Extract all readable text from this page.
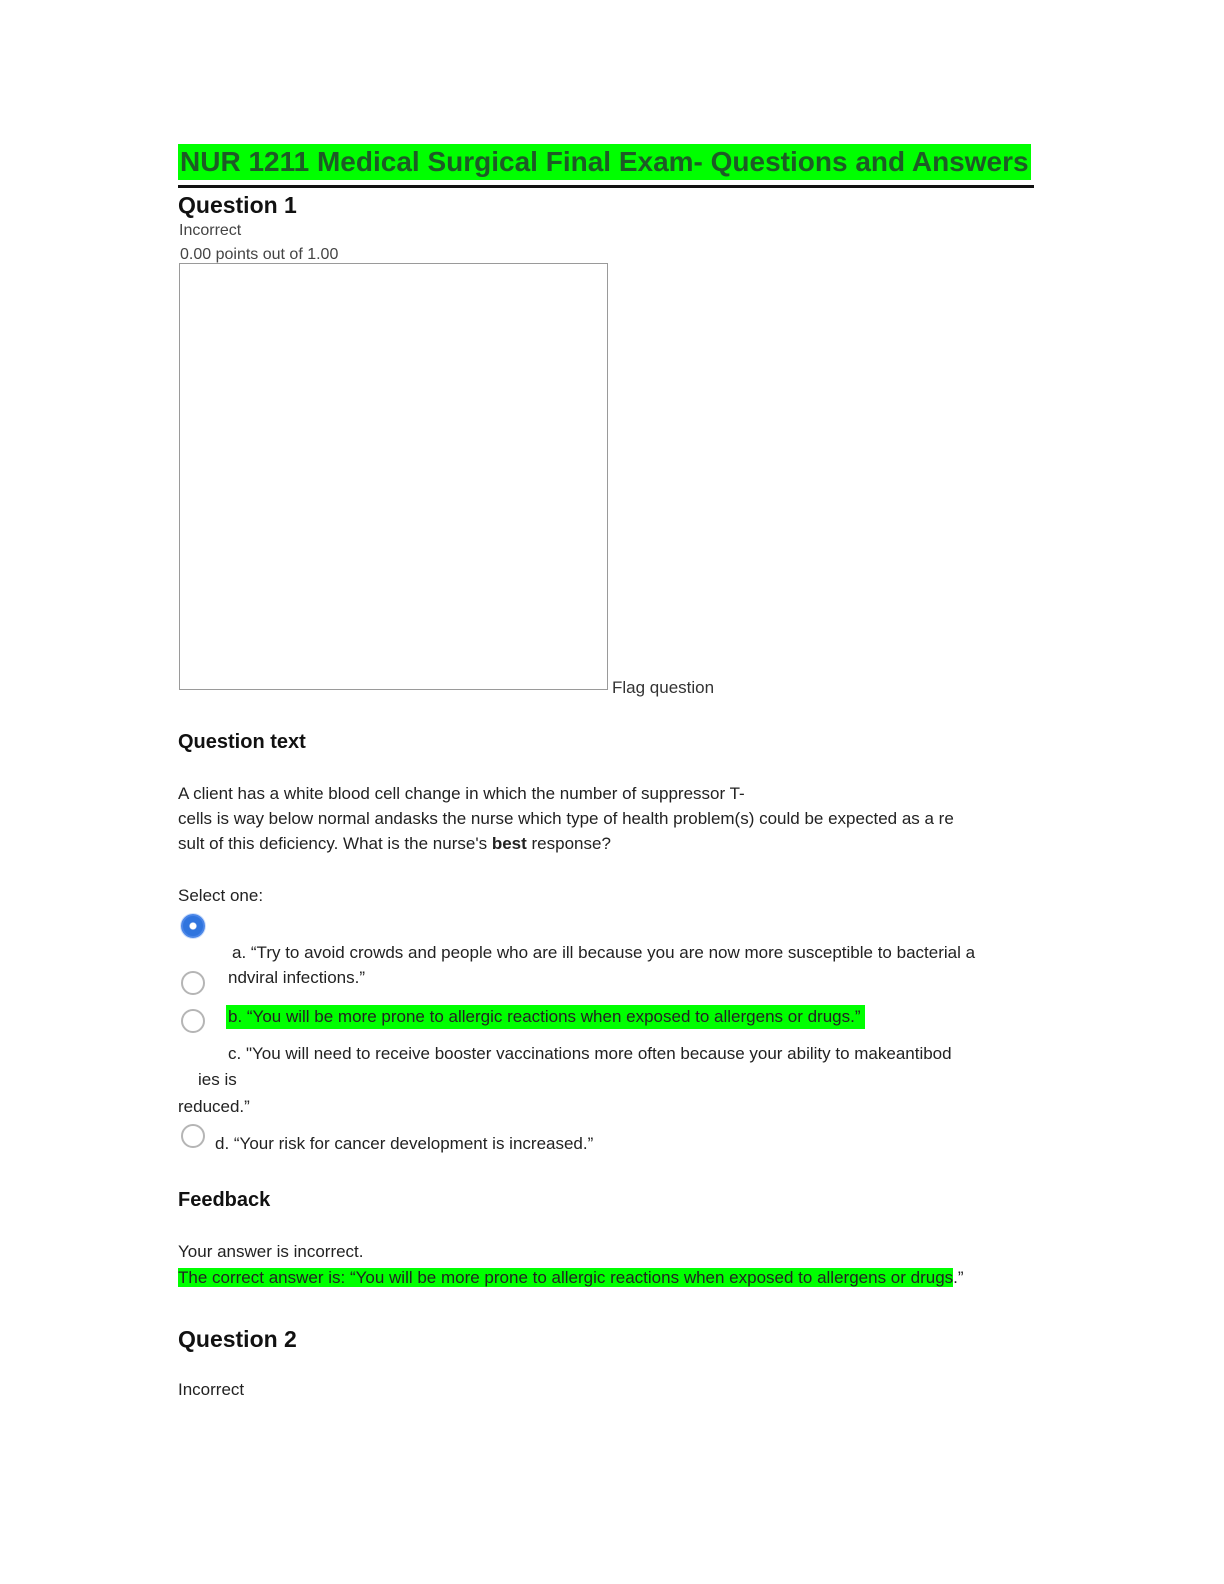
NUR 1211 Medical Surgical Final Exam- Questions and Answers
Question 1
Incorrect
0.00 points out of 1.00
Flag question
Question text
A client has a white blood cell change in which the number of suppressor T-
cells is way below normal andasks the nurse which type of health problem(s) could be expected as a re
sult of this deficiency. What is the nurse's best response?
Select one:
a. “Try to avoid crowds and people who are ill because you are now more susceptible to bacterial a
ndviral infections.”
b. “You will be more prone to allergic reactions when exposed to allergens or drugs.”
c. "You will need to receive booster vaccinations more often because your ability to makeantibod
ies is
reduced.”
d. “Your risk for cancer development is increased.”
Feedback
Your answer is incorrect.
The correct answer is: “You will be more prone to allergic reactions when exposed to allergens or drugs.”
Question 2
Incorrect
